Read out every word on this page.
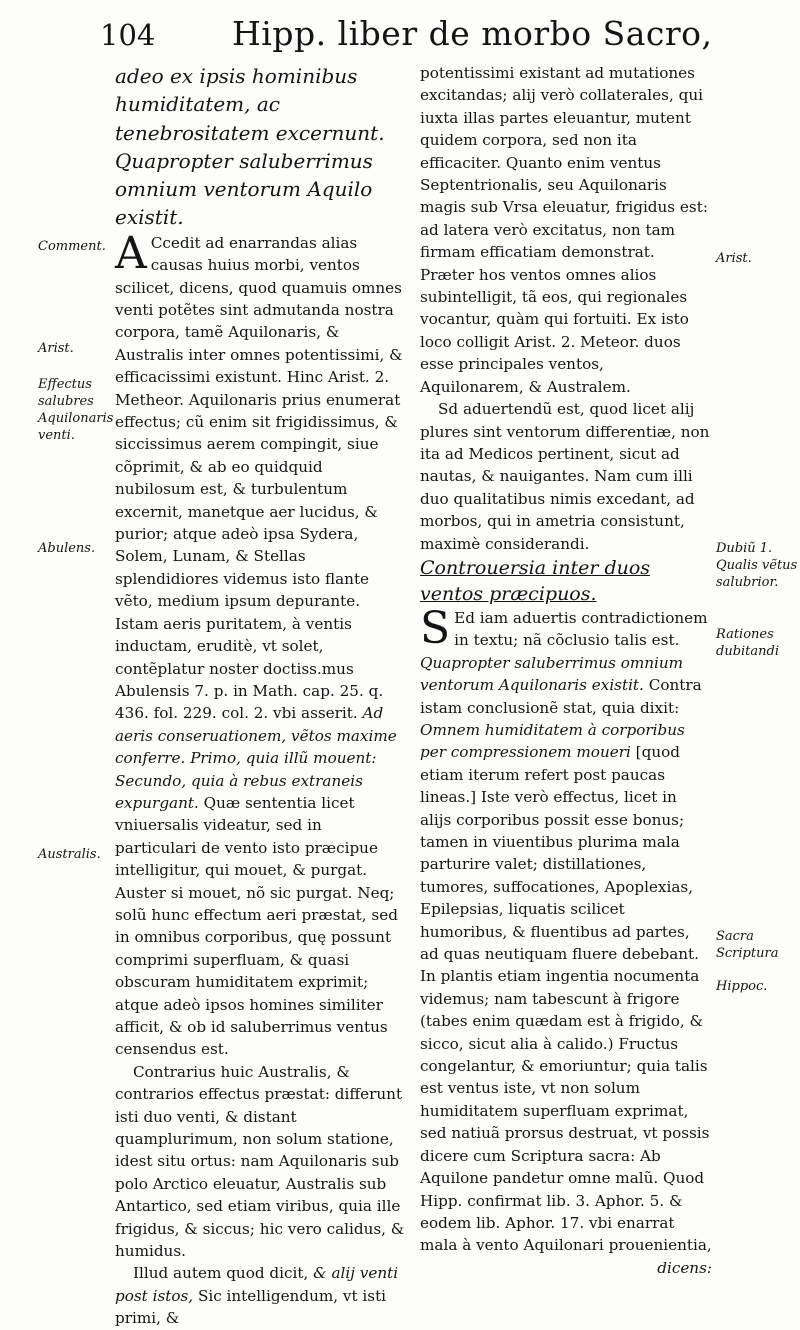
104 Hipp. liber de morbo Sacro,

adeo ex ipsis hominibus humiditatem, ac tenebrositatem excernunt. Quapropter saluberrimus omnium ventorum Aquilo existit.

A Ccedit ad enarrandas alias causas huius morbi, ventos scilicet, dicens, quod quamuis omnes venti potẽtes sint admutanda nostra corpora, tamẽ Aquilonaris, & Australis inter omnes potentissimi, & efficacissimi existunt. Hinc Arist. 2. Metheor. Aquilonaris prius enumerat effectus; cũ enim sit frigidissimus, & siccissimus aerem compingit, siue cõprimit, & ab eo quidquid nubilosum est, & turbulentum excernit, manetque aer lucidus, & purior; atque adeò ipsa Sydera, Solem, Lunam, & Stellas splendidiores videmus isto flante vẽto, medium ipsum depurante. Istam aeris puritatem, à ventis inductam, eruditè, vt solet, contẽplatur noster doctiss.mus Abulensis 7. p. in Math. cap. 25. q. 436. fol. 229. col. 2. vbi asserit. Ad aeris conseruationem, vẽtos maxime conferre. Primo, quia illũ mouent: Secundo, quia à rebus extraneis expurgant. Quæ sententia licet vniuersalis videatur, sed in particulari de vento isto præcipue intelligitur, qui mouet, & purgat. Auster si mouet, nõ sic purgat. Neq; solũ hunc effectum aeri præstat, sed in omnibus corporibus, quę possunt comprimi superfluam, & quasi obscuram humiditatem exprimit; atque adeò ipsos homines similiter afficit, & ob id saluberrimus ventus censendus est.

Contrarius huic Australis, & contrarios effectus præstat: differunt isti duo venti, & distant quamplurimum, non solum statione, idest situ ortus: nam Aquilonaris sub polo Arctico eleuatur, Australis sub Antartico, sed etiam viribus, quia ille frigidus, & siccus; hic vero calidus, & humidus.

Illud autem quod dicit, & alij venti post istos, Sic intelligendum, vt isti primi, &

potentissimi existant ad mutationes excitandas; alij verò collaterales, qui iuxta illas partes eleuantur, mutent quidem corpora, sed non ita efficaciter. Quanto enim ventus Septentrionalis, seu Aquilonaris magis sub Vrsa eleuatur, frigidus est: ad latera verò excitatus, non tam firmam efficatiam demonstrat. Præter hos ventos omnes alios subintelligit, tã eos, qui regionales vocantur, quàm qui fortuiti. Ex isto loco colligit Arist. 2. Meteor. duos esse principales ventos, Aquilonarem, & Australem.

Sd aduertendũ est, quod licet alij plures sint ventorum differentiæ, non ita ad Medicos pertinent, sicut ad nautas, & nauigantes. Nam cum illi duo qualitatibus nimis excedant, ad morbos, qui in ametria consistunt, maximè considerandi.

Controuersia inter duos ventos præcipuos.

S Ed iam aduertis contradictionem in textu; nã cõclusio talis est. Quapropter saluberrimus omnium ventorum Aquilonaris existit. Contra istam conclusionẽ stat, quia dixit: Omnem humiditatem à corporibus per compressionem moueri [quod etiam iterum refert post paucas lineas.] Iste verò effectus, licet in alijs corporibus possit esse bonus; tamen in viuentibus plurima mala parturire valet; distillationes, tumores, suffocationes, Apoplexias, Epilepsias, liquatis scilicet humoribus, & fluentibus ad partes, ad quas neutiquam fluere debebant. In plantis etiam ingentia nocumenta videmus; nam tabescunt à frigore (tabes enim quædam est à frigido, & sicco, sicut alia à calido.) Fructus congelantur, & emoriuntur; quia talis est ventus iste, vt non solum humiditatem superfluam exprimat, sed natiuã prorsus destruat, vt possis dicere cum Scriptura sacra: Ab Aquilone pandetur omne malũ. Quod Hipp. confirmat lib. 3. Aphor. 5. & eodem lib. Aphor. 17. vbi enarrat mala à vento Aquilonari prouenientia,

dicens:

Comment.
Arist.
Effectus salubres Aquilonaris venti.
Abulens.
Australis.
Arist.
Dubiũ 1. Qualis vẽtus salubrior.
Rationes dubitandi
Sacra Scriptura
Hippoc.
